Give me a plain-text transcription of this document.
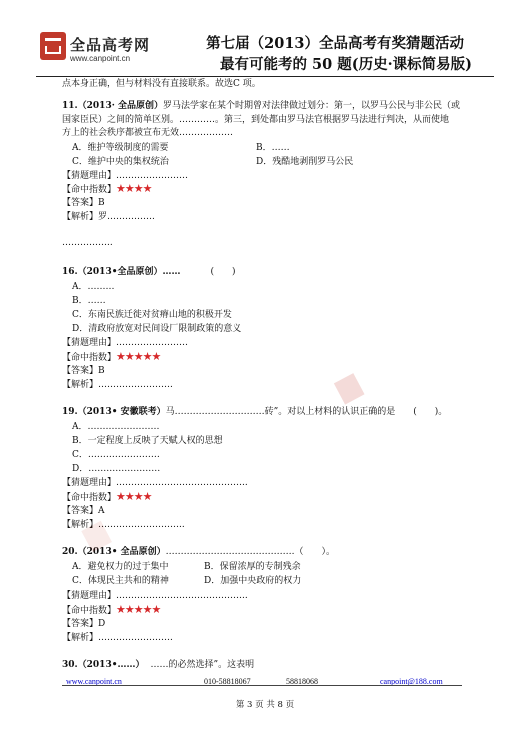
全品高考网
www.canpoint.cn
第七届（2013）全品高考有奖猜题活动
最有可能考的 50 题(历史·课标简易版)
点本身正确，但与材料没有直接联系。故选C 项。
11.（2013· 全品原创）罗马法学家在某个时期曾对法律做过划分：第一，以罗马公民与非公民（或
国家臣民）之间的简单区别。…………。第三，到处都由罗马法官根据罗马法进行判决，从而使地
方上的社会秩序都被宣布无效………………
A．维护等级制度的需要	B．……
C．维护中央的集权统治	D．残酷地剥削罗马公民
【猜题理由】……………………
【命中指数】★★★★
【答案】B
【解析】罗…………….
……………..
16.（2013•全品原创）……	(　　)
A．………
B．……
C．东南民族迁徙对贫瘠山地的积极开发
D．清政府放宽对民间设厂限制政策的意义
【猜题理由】……………………
【命中指数】★★★★★
【答案】B
【解析】…………………….
19.（2013• 安徽联考）马…………………………砖”。对以上材料的认识正确的是 (　　)。
A．……………………
B．一定程度上反映了天赋人权的思想
C．……………………
D．……………………
【猜题理由】……………………………………..
【命中指数】★★★★
【答案】A
【解析】………………………..
20.（2013• 全品原创）…………………………………….（　　）。
A．避免权力的过于集中	B．保留浓厚的专制残余
C．体现民主共和的精神	D．加强中央政府的权力
【猜题理由】……………………………………..
【命中指数】★★★★★
【答案】D
【解析】…………………….
30.（2013•……） ……的必然选择”。这表明
www.canpoint.cn	010-58818067	58818068	canpoint@188.com
第 3 页 共 8 页
